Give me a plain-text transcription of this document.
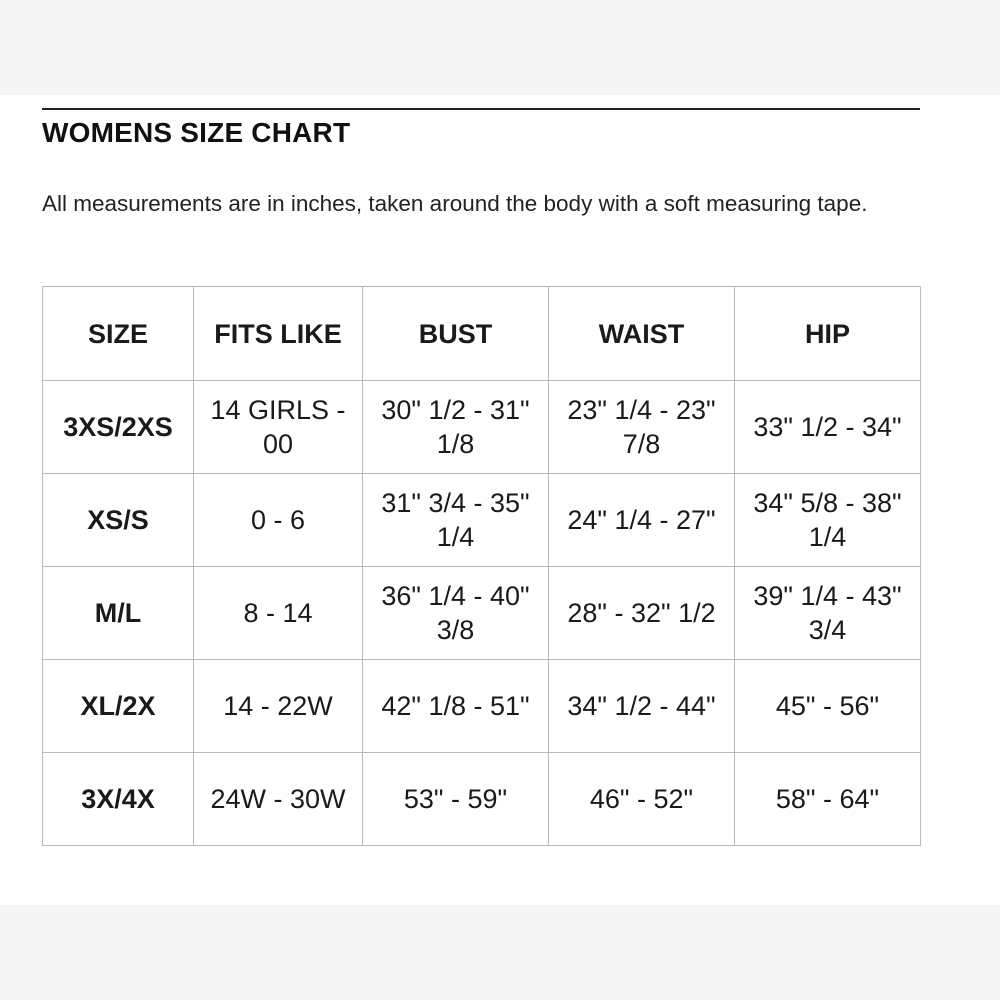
WOMENS SIZE CHART

All measurements are in inches, taken around the body with a soft measuring tape.

SIZE	FITS LIKE	BUST	WAIST	HIP
3XS/2XS	14 GIRLS - 00	30" 1/2 - 31" 1/8	23" 1/4 - 23" 7/8	33" 1/2 - 34"
XS/S	0 - 6	31" 3/4 - 35" 1/4	24" 1/4 - 27"	34" 5/8 - 38" 1/4
M/L	8 - 14	36" 1/4 - 40" 3/8	28" - 32" 1/2	39" 1/4 - 43" 3/4
XL/2X	14 - 22W	42" 1/8 - 51"	34" 1/2 - 44"	45" - 56"
3X/4X	24W - 30W	53" - 59"	46" - 52"	58" - 64"
